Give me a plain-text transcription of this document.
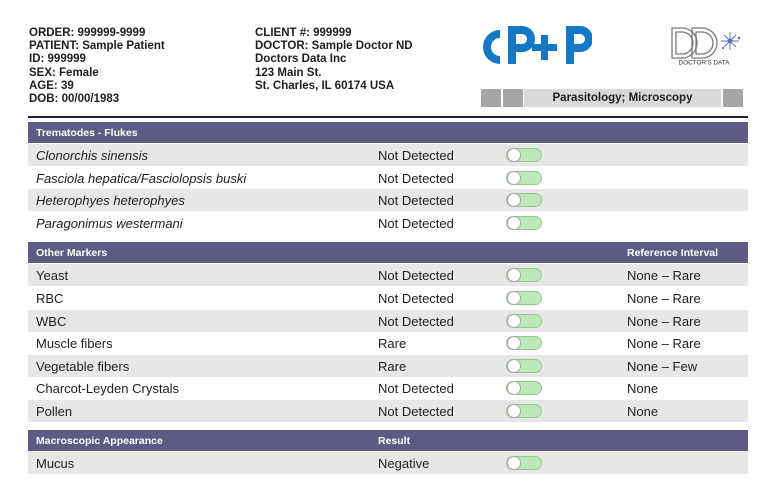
ORDER: 999999-9999
PATIENT: Sample Patient
ID: 999999
SEX: Female
AGE: 39
DOB: 00/00/1983
CLIENT #: 999999
DOCTOR: Sample Doctor ND
Doctors Data Inc
123 Main St.
St. Charles, IL 60174 USA
DOCTOR'S DATA
Parasitology; Microscopy
Trematodes - Flukes
Clonorchis sinensis	Not Detected
Fasciola hepatica/Fasciolopsis buski	Not Detected
Heterophyes heterophyes	Not Detected
Paragonimus westermani	Not Detected
Other Markers	Reference Interval
Yeast	Not Detected	None – Rare
RBC	Not Detected	None – Rare
WBC	Not Detected	None – Rare
Muscle fibers	Rare	None – Rare
Vegetable fibers	Rare	None – Few
Charcot-Leyden Crystals	Not Detected	None
Pollen	Not Detected	None
Macroscopic Appearance	Result
Mucus	Negative
